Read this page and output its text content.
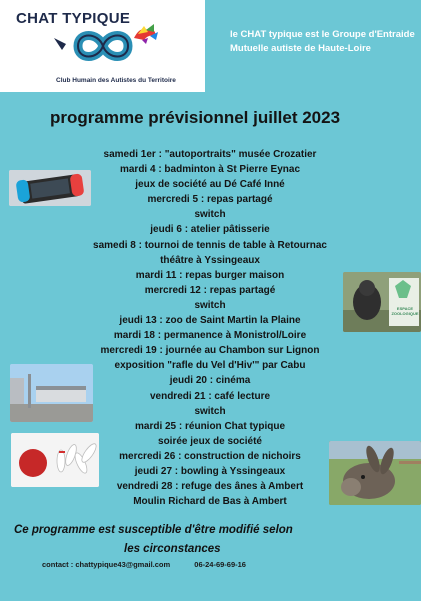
CHAT TYPIQUE
Club Humain des Autistes du Territoire
le CHAT typique est le Groupe d'Entraide Mutuelle autiste de Haute-Loire
programme prévisionnel juillet 2023
samedi 1er : "autoportraits" musée Crozatier
mardi 4 : badminton à St Pierre Eynac
jeux de société au Dé Café Inné
mercredi 5 : repas partagé
switch
jeudi 6 : atelier pâtisserie
samedi 8 : tournoi de tennis de table à Retournac
théâtre à Yssingeaux
mardi 11 : repas burger maison
mercredi 12 : repas partagé
switch
jeudi 13 : zoo de Saint Martin la Plaine
mardi 18 : permanence à Monistrol/Loire
mercredi 19 : journée au Chambon sur Lignon
exposition "rafle du Vel d'Hiv'" par Cabu
jeudi 20 : cinéma
vendredi 21 : café lecture
switch
mardi 25 : réunion Chat typique
soirée jeux de société
mercredi 26 : construction de nichoirs
jeudi 27 : bowling à Yssingeaux
vendredi 28 : refuge des ânes à Ambert
Moulin Richard de Bas à Ambert
ESPACE ZOOLOGIQUE
Ce programme est susceptible d'être modifié selon
les circonstances
contact : chattypique43@gmail.com	06-24-69-69-16
